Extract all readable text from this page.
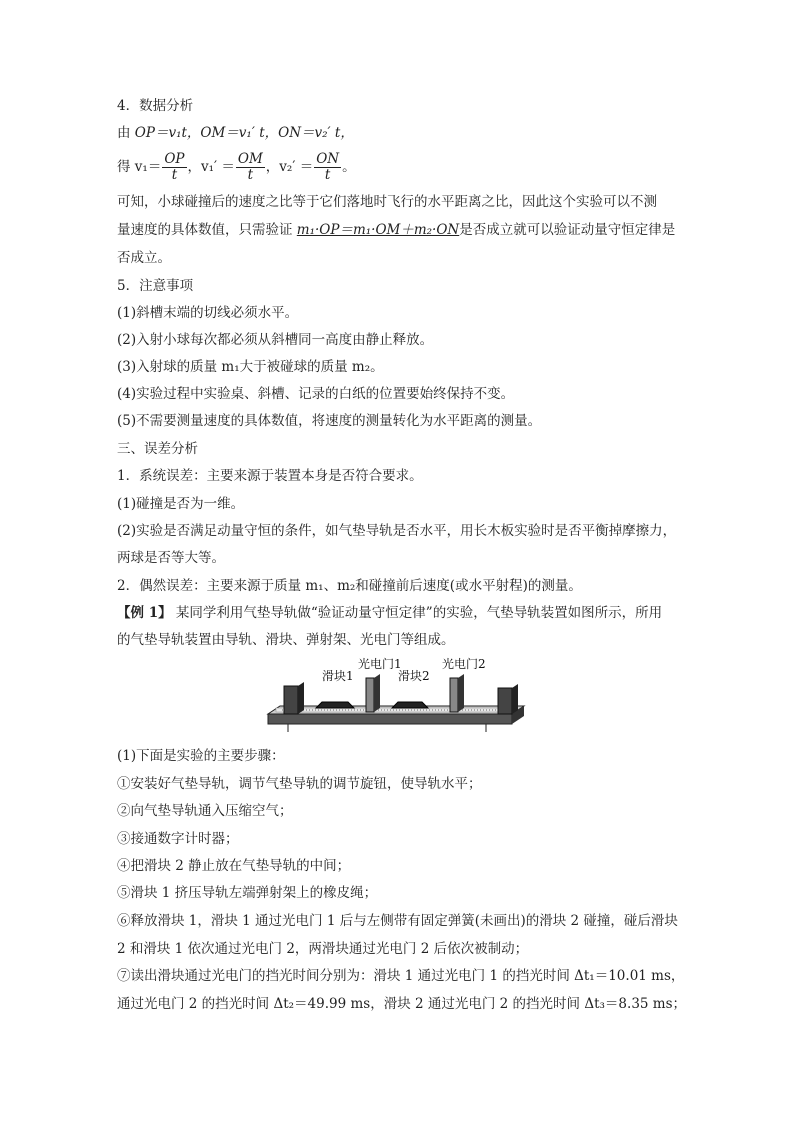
4．数据分析
由 OP＝v₁t，OM＝v₁′ t，ON＝v₂′ t，
得 $v_1= \frac{OP}{t}$ ，$v_1' = \frac{OM}{t}$ ，$v_2' = \frac{ON}{t}$ 。
可知，小球碰撞后的速度之比等于它们落地时飞行的水平距离之比，因此这个实验可以不测
量速度的具体数值，只需验证 m₁·OP＝m₁·OM＋m₂·ON是否成立就可以验证动量守恒定律是
否成立。
5．注意事项
(1)斜槽末端的切线必须水平。
(2)入射小球每次都必须从斜槽同一高度由静止释放。
(3)入射球的质量 m₁大于被碰球的质量 m₂。
(4)实验过程中实验桌、斜槽、记录的白纸的位置要始终保持不变。
(5)不需要测量速度的具体数值，将速度的测量转化为水平距离的测量。
三、误差分析
1．系统误差：主要来源于装置本身是否符合要求。
(1)碰撞是否为一维。
(2)实验是否满足动量守恒的条件，如气垫导轨是否水平，用长木板实验时是否平衡掉摩擦力，
两球是否等大等。
2．偶然误差：主要来源于质量 m₁、m₂和碰撞前后速度(或水平射程)的测量。
【例 1】 某同学利用气垫导轨做“验证动量守恒定律”的实验，气垫导轨装置如图所示，所用
的气垫导轨装置由导轨、滑块、弹射架、光电门等组成。
滑块1
光电门1
滑块2
光电门2
(1)下面是实验的主要步骤：
①安装好气垫导轨，调节气垫导轨的调节旋钮，使导轨水平；
②向气垫导轨通入压缩空气；
③接通数字计时器；
④把滑块 2 静止放在气垫导轨的中间；
⑤滑块 1 挤压导轨左端弹射架上的橡皮绳；
⑥释放滑块 1，滑块 1 通过光电门 1 后与左侧带有固定弹簧(未画出)的滑块 2 碰撞，碰后滑块
2 和滑块 1 依次通过光电门 2，两滑块通过光电门 2 后依次被制动；
⑦读出滑块通过光电门的挡光时间分别为：滑块 1 通过光电门 1 的挡光时间 Δt₁＝10.01 ms，
通过光电门 2 的挡光时间 Δt₂＝49.99 ms，滑块 2 通过光电门 2 的挡光时间 Δt₃＝8.35 ms；
